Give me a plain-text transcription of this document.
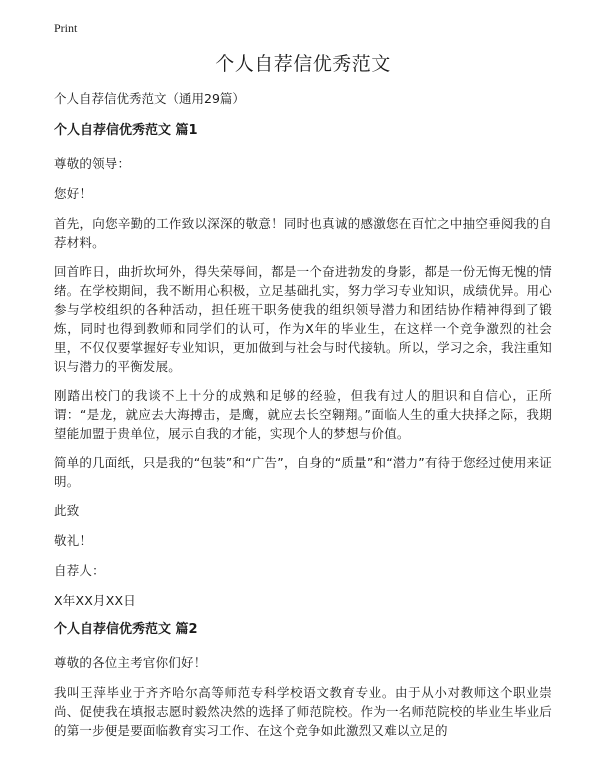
Print
个人自荐信优秀范文

个人自荐信优秀范文（通用29篇）

个人自荐信优秀范文 篇1

尊敬的领导：

您好！

首先，向您辛勤的工作致以深深的敬意！同时也真诚的感激您在百忙之中抽空垂阅我的自荐材料。

回首昨日，曲折坎坷外，得失荣辱间，都是一个奋进勃发的身影，都是一份无悔无愧的情绪。在学校期间，我不断用心积极，立足基础扎实，努力学习专业知识，成绩优异。用心参与学校组织的各种活动，担任班干职务使我的组织领导潜力和团结协作精神得到了锻炼，同时也得到教师和同学们的认可，作为X年的毕业生，在这样一个竞争激烈的社会里，不仅仅要掌握好专业知识，更加做到与社会与时代接轨。所以，学习之余，我注重知识与潜力的平衡发展。

刚踏出校门的我谈不上十分的成熟和足够的经验，但我有过人的胆识和自信心，正所谓：“是龙，就应去大海搏击，是鹰，就应去长空翱翔。”面临人生的重大抉择之际，我期望能加盟于贵单位，展示自我的才能，实现个人的梦想与价值。

简单的几面纸，只是我的“包装”和“广告”，自身的“质量”和“潜力”有待于您经过使用来证明。

此致

敬礼！

自荐人：

X年XX月XX日

个人自荐信优秀范文 篇2

尊敬的各位主考官你们好！

我叫王萍毕业于齐齐哈尔高等师范专科学校语文教育专业。由于从小对教师这个职业崇尚、促使我在填报志愿时毅然决然的选择了师范院校。作为一名师范院校的毕业生毕业后的第一步便是要面临教育实习工作、在这个竞争如此激烈又难以立足的
